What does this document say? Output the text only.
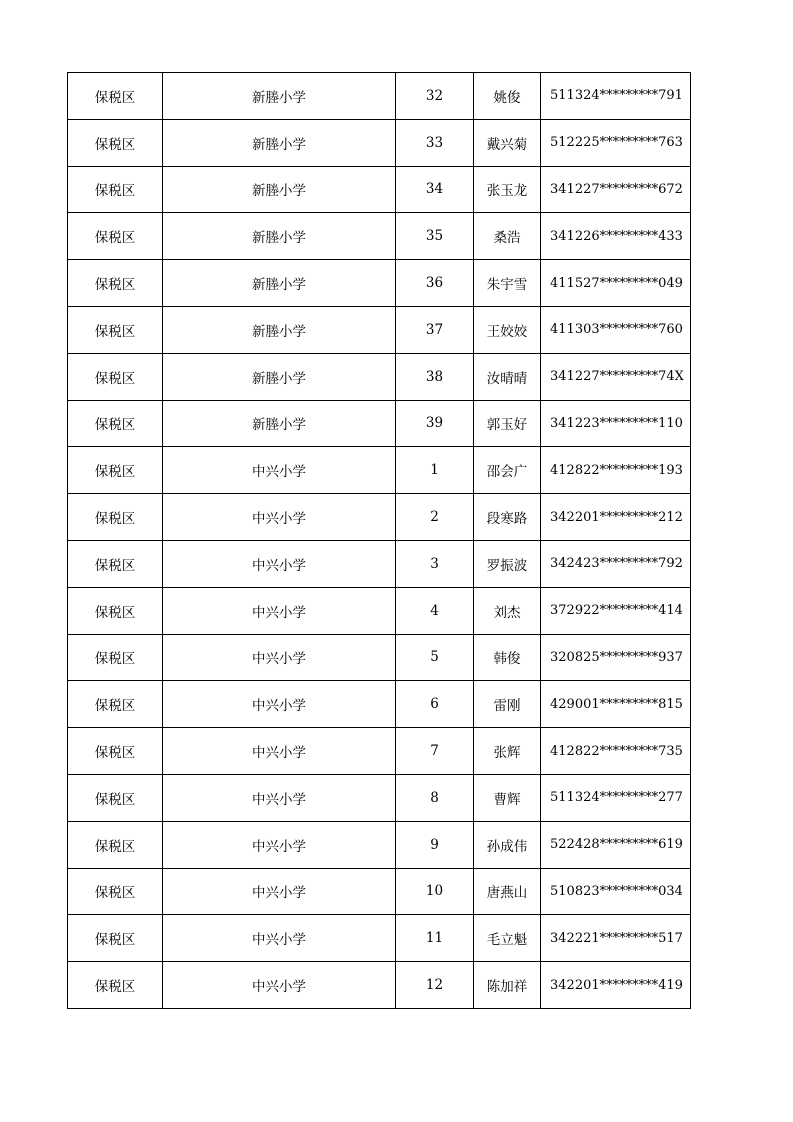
保税区	新塍小学	32	姚俊	511324*********791
保税区	新塍小学	33	戴兴菊	512225*********763
保税区	新塍小学	34	张玉龙	341227*********672
保税区	新塍小学	35	桑浩	341226*********433
保税区	新塍小学	36	朱宇雪	411527*********049
保税区	新塍小学	37	王姣姣	411303*********760
保税区	新塍小学	38	汝晴晴	341227*********74X
保税区	新塍小学	39	郭玉好	341223*********110
保税区	中兴小学	1	邵会广	412822*********193
保税区	中兴小学	2	段寒路	342201*********212
保税区	中兴小学	3	罗振波	342423*********792
保税区	中兴小学	4	刘杰	372922*********414
保税区	中兴小学	5	韩俊	320825*********937
保税区	中兴小学	6	雷刚	429001*********815
保税区	中兴小学	7	张辉	412822*********735
保税区	中兴小学	8	曹辉	511324*********277
保税区	中兴小学	9	孙成伟	522428*********619
保税区	中兴小学	10	唐燕山	510823*********034
保税区	中兴小学	11	毛立魁	342221*********517
保税区	中兴小学	12	陈加祥	342201*********419
